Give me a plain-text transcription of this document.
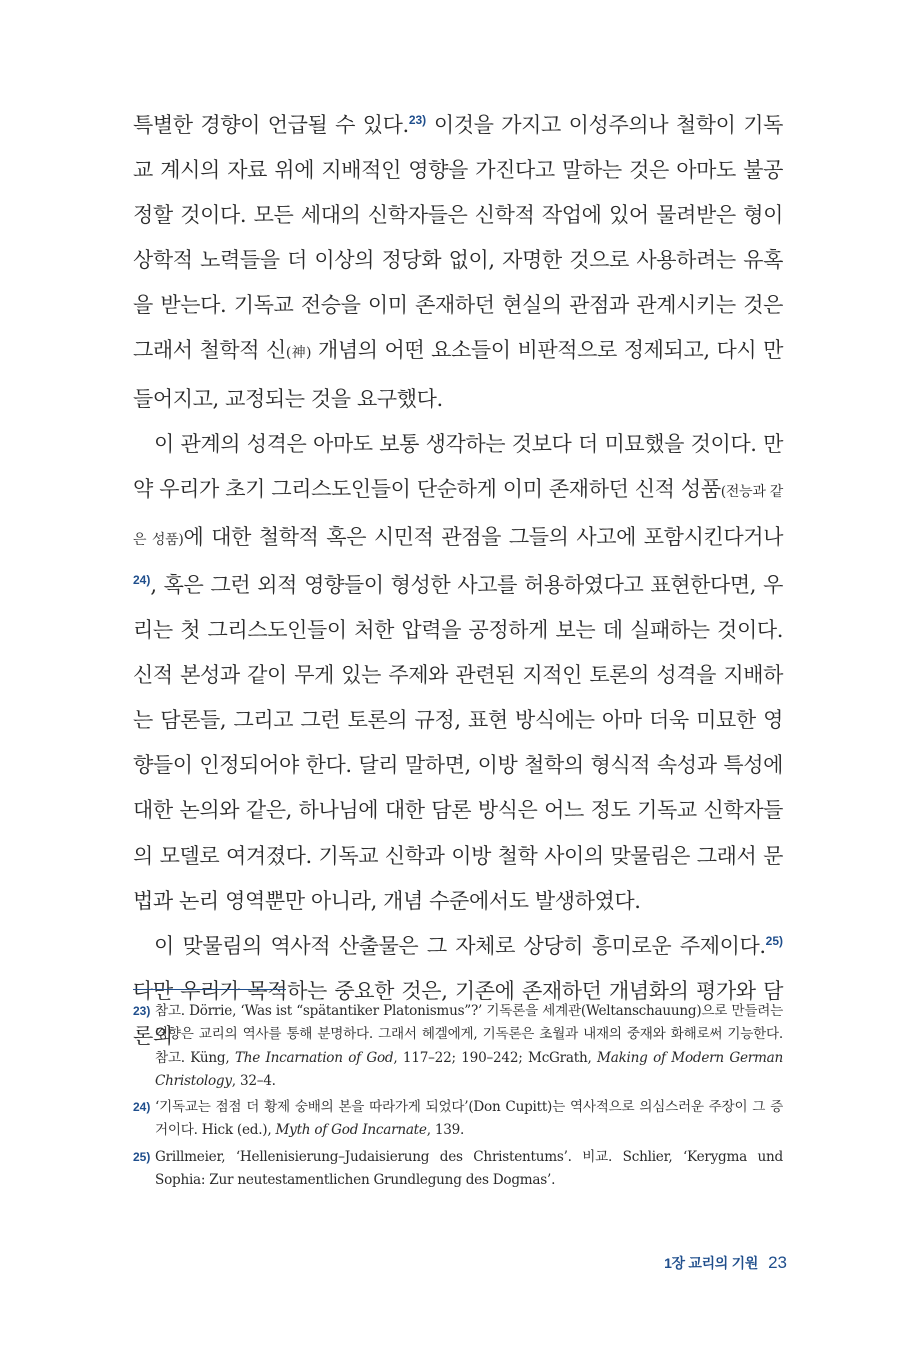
특별한 경향이 언급될 수 있다.$^{23)}$ 이것을 가지고 이성주의나 철학이 기독교 계시의 자료 위에 지배적인 영향을 가진다고 말하는 것은 아마도 불공정할 것이다. 모든 세대의 신학자들은 신학적 작업에 있어 물려받은 형이상학적 노력들을 더 이상의 정당화 없이, 자명한 것으로 사용하려는 유혹을 받는다. 기독교 전승을 이미 존재하던 현실의 관점과 관계시키는 것은 그래서 철학적 신(神) 개념의 어떤 요소들이 비판적으로 정제되고, 다시 만들어지고, 교정되는 것을 요구했다.

이 관계의 성격은 아마도 보통 생각하는 것보다 더 미묘했을 것이다. 만약 우리가 초기 그리스도인들이 단순하게 이미 존재하던 신적 성품(전능과 같은 성품)에 대한 철학적 혹은 시민적 관점을 그들의 사고에 포함시킨다거나$^{24)}$, 혹은 그런 외적 영향들이 형성한 사고를 허용하였다고 표현한다면, 우리는 첫 그리스도인들이 처한 압력을 공정하게 보는 데 실패하는 것이다. 신적 본성과 같이 무게 있는 주제와 관련된 지적인 토론의 성격을 지배하는 담론들, 그리고 그런 토론의 규정, 표현 방식에는 아마 더욱 미묘한 영향들이 인정되어야 한다. 달리 말하면, 이방 철학의 형식적 속성과 특성에 대한 논의와 같은, 하나님에 대한 담론 방식은 어느 정도 기독교 신학자들의 모델로 여겨졌다. 기독교 신학과 이방 철학 사이의 맞물림은 그래서 문법과 논리 영역뿐만 아니라, 개념 수준에서도 발생하였다.

이 맞물림의 역사적 산출물은 그 자체로 상당히 흥미로운 주제이다.$^{25)}$ 다만 우리가 목적하는 중요한 것은, 기존에 존재하던 개념화의 평가와 담론의

23) 참고. Dörrie, ‘Was ist “spätantiker Platonismus”?’ 기독론을 세계관(Weltanschauung)으로 만들려는 경향은 교리의 역사를 통해 분명하다. 그래서 헤겔에게, 기독론은 초월과 내재의 중재와 화해로써 기능한다. 참고. Küng, The Incarnation of God, 117–22; 190–242; McGrath, Making of Modern German Christology, 32–4.
24) ‘기독교는 점점 더 황제 숭배의 본을 따라가게 되었다’(Don Cupitt)는 역사적으로 의심스러운 주장이 그 증거이다. Hick (ed.), Myth of God Incarnate, 139.
25) Grillmeier, ‘Hellenisierung–Judaisierung des Christentums’. 비교. Schlier, ‘Kerygma und Sophia: Zur neutestamentlichen Grundlegung des Dogmas’.
1장 교리의 기원 23
